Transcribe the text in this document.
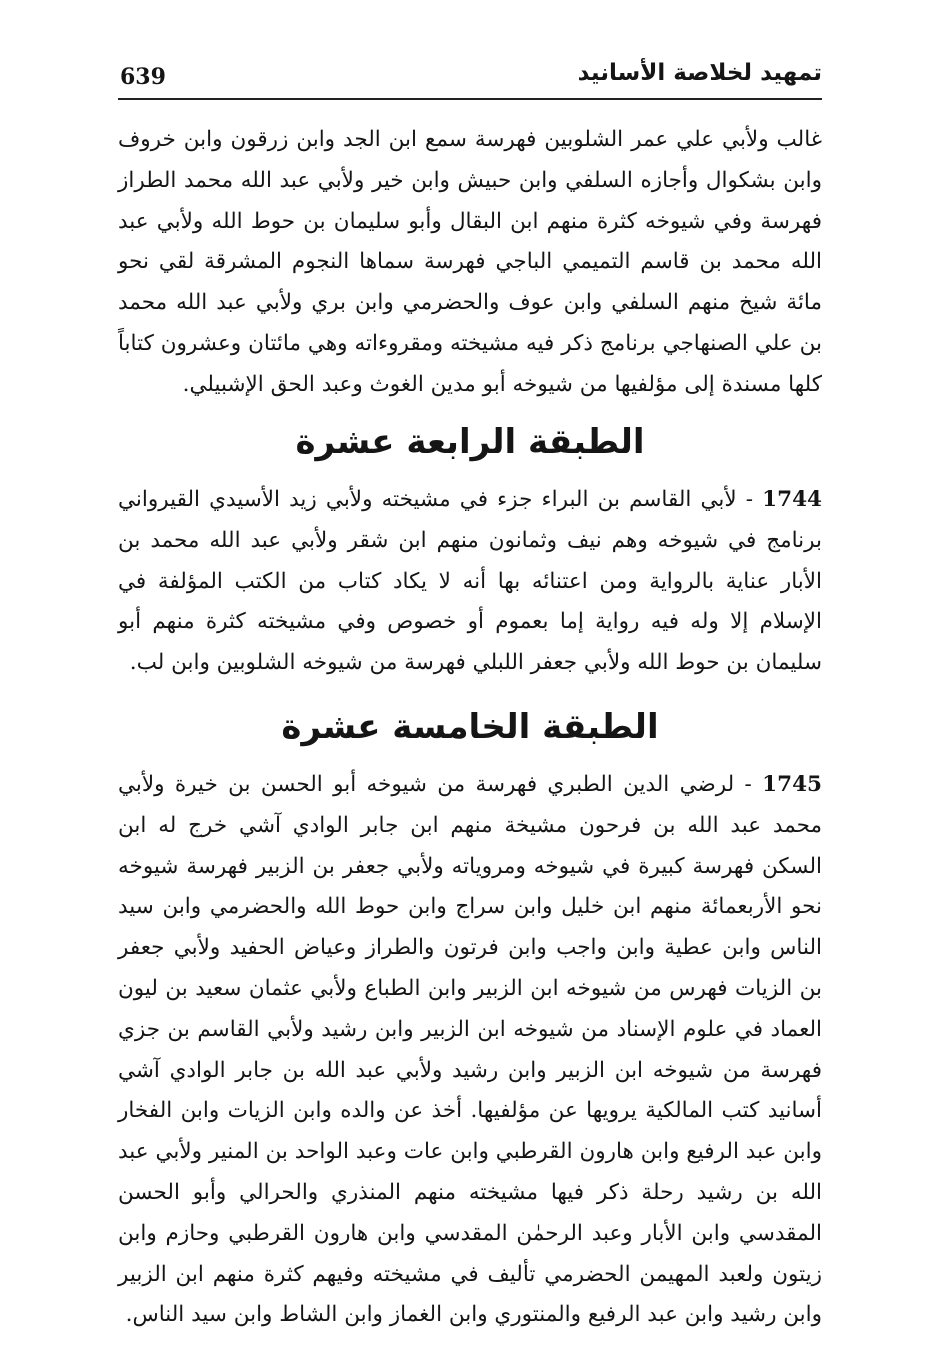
تمهيد لخلاصة الأسانيد
639

غالب ولأبي علي عمر الشلوبين فهرسة سمع ابن الجد وابن زرقون وابن خروف وابن بشكوال وأجازه السلفي وابن حبيش وابن خير ولأبي عبد الله محمد الطراز فهرسة وفي شيوخه كثرة منهم ابن البقال وأبو سليمان بن حوط الله ولأبي عبد الله محمد بن قاسم التميمي الباجي فهرسة سماها النجوم المشرقة لقي نحو مائة شيخ منهم السلفي وابن عوف والحضرمي وابن بري ولأبي عبد الله محمد بن علي الصنهاجي برنامج ذكر فيه مشيخته ومقروءاته وهي مائتان وعشرون كتاباً كلها مسندة إلى مؤلفيها من شيوخه أبو مدين الغوث وعبد الحق الإشبيلي.

الطبقة الرابعة عشرة

1744 - لأبي القاسم بن البراء جزء في مشيخته ولأبي زيد الأسيدي القيرواني برنامج في شيوخه وهم نيف وثمانون منهم ابن شقر ولأبي عبد الله محمد بن الأبار عناية بالرواية ومن اعتنائه بها أنه لا يكاد كتاب من الكتب المؤلفة في الإسلام إلا وله فيه رواية إما بعموم أو خصوص وفي مشيخته كثرة منهم أبو سليمان بن حوط الله ولأبي جعفر اللبلي فهرسة من شيوخه الشلوبين وابن لب.

الطبقة الخامسة عشرة

1745 - لرضي الدين الطبري فهرسة من شيوخه أبو الحسن بن خيرة ولأبي محمد عبد الله بن فرحون مشيخة منهم ابن جابر الوادي آشي خرج له ابن السكن فهرسة كبيرة في شيوخه ومروياته ولأبي جعفر بن الزبير فهرسة شيوخه نحو الأربعمائة منهم ابن خليل وابن سراج وابن حوط الله والحضرمي وابن سيد الناس وابن عطية وابن واجب وابن فرتون والطراز وعياض الحفيد ولأبي جعفر بن الزيات فهرس من شيوخه ابن الزبير وابن الطباع ولأبي عثمان سعيد بن ليون العماد في علوم الإسناد من شيوخه ابن الزبير وابن رشيد ولأبي القاسم بن جزي فهرسة من شيوخه ابن الزبير وابن رشيد ولأبي عبد الله بن جابر الوادي آشي أسانيد كتب المالكية يرويها عن مؤلفيها. أخذ عن والده وابن الزيات وابن الفخار وابن عبد الرفيع وابن هارون القرطبي وابن عات وعبد الواحد بن المنير ولأبي عبد الله بن رشيد رحلة ذكر فيها مشيخته منهم المنذري والحرالي وأبو الحسن المقدسي وابن الأبار وعبد الرحمٰن المقدسي وابن هارون القرطبي وحازم وابن زيتون ولعبد المهيمن الحضرمي تأليف في مشيخته وفيهم كثرة منهم ابن الزبير وابن رشيد وابن عبد الرفيع والمنتوري وابن الغماز وابن الشاط وابن سيد الناس.
